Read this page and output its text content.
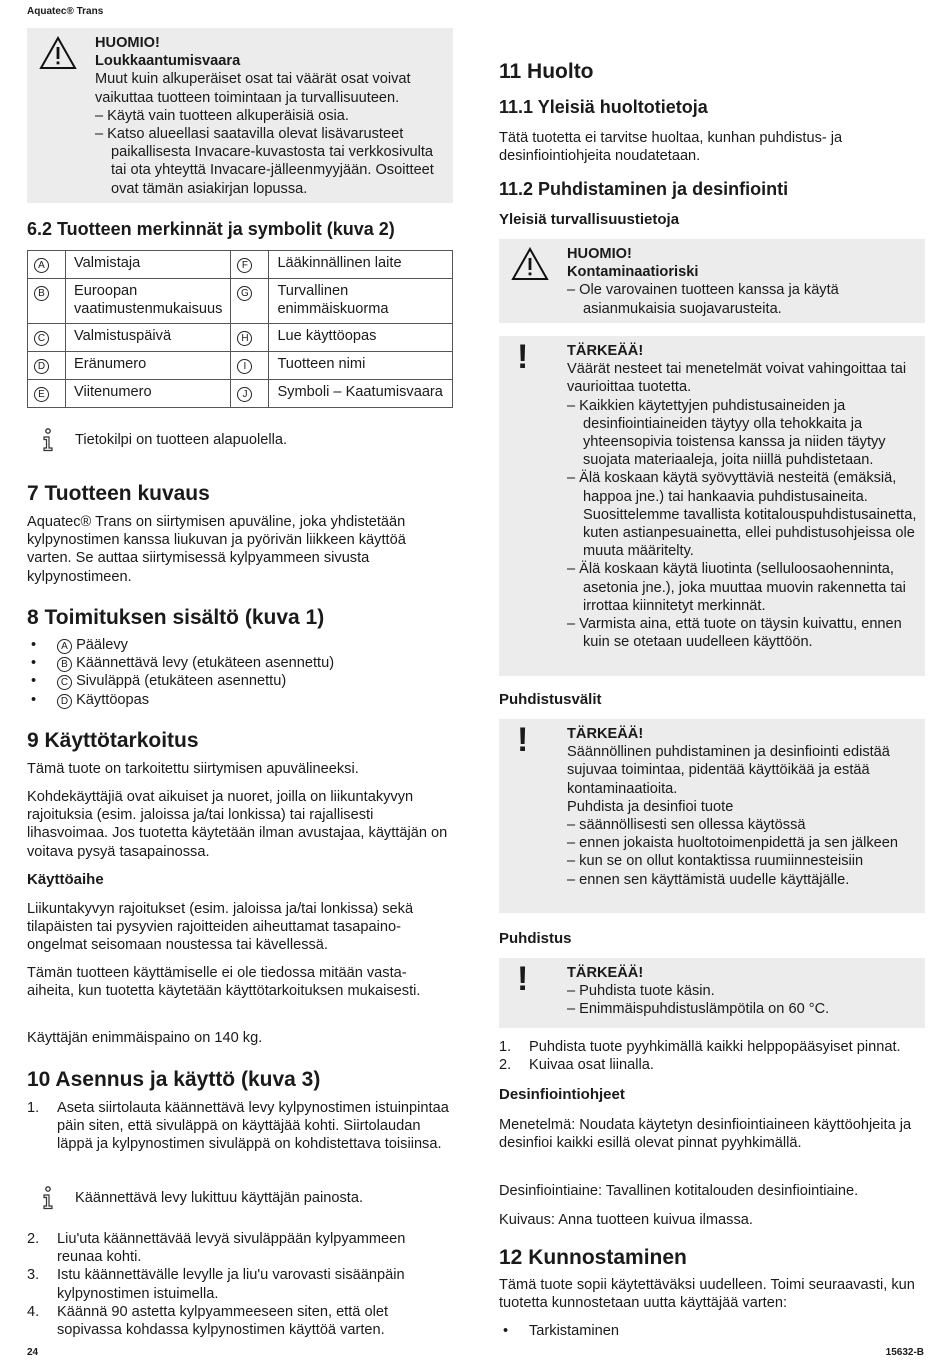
Aquatec® Trans
HUOMIO!
Loukkaantumisvaara
Muut kuin alkuperäiset osat tai väärät osat voivat vaikuttaa tuotteen toimintaan ja turvallisuuteen.
– Käytä vain tuotteen alkuperäisiä osia.
– Katso alueellasi saatavilla olevat lisävarusteet paikallisesta Invacare-kuvastosta tai verkkosivulta tai ota yhteyttä Invacare-jälleenmyyjään. Osoitteet ovat tämän asiakirjan lopussa.
6.2 Tuotteen merkinnät ja symbolit (kuva 2)
A	Valmistaja	F	Lääkinnällinen laite
B	Euroopan vaatimustenmukaisuus	G	Turvallinen enimmäiskuorma
C	Valmistuspäivä	H	Lue käyttöopas
D	Eränumero	I	Tuotteen nimi
E	Viitenumero	J	Symboli – Kaatumisvaara
Tietokilpi on tuotteen alapuolella.
7 Tuotteen kuvaus
Aquatec® Trans on siirtymisen apuväline, joka yhdistetään kylpynostimen kanssa liukuvan ja pyörivän liikkeen käyttöä varten. Se auttaa siirtymisessä kylpyammeen sivusta kylpynostimeen.
8 Toimituksen sisältö (kuva 1)
• A Päälevy
• B Käännettävä levy (etukäteen asennettu)
• C Sivuläppä (etukäteen asennettu)
• D Käyttöopas
9 Käyttötarkoitus
Tämä tuote on tarkoitettu siirtymisen apuvälineeksi.
Kohdekäyttäjiä ovat aikuiset ja nuoret, joilla on liikuntakyvyn rajoituksia (esim. jaloissa ja/tai lonkissa) tai rajallisesti lihasvoimaa. Jos tuotetta käytetään ilman avustajaa, käyttäjän on voitava pysyä tasapainossa.
Käyttöaihe
Liikuntakyvyn rajoitukset (esim. jaloissa ja/tai lonkissa) sekä tilapäisten tai pysyvien rajoitteiden aiheuttamat tasapaino-ongelmat seisomaan noustessa tai kävellessä.
Tämän tuotteen käyttämiselle ei ole tiedossa mitään vasta-aiheita, kun tuotetta käytetään käyttötarkoituksen mukaisesti.
Käyttäjän enimmäispaino on 140 kg.
10 Asennus ja käyttö (kuva 3)
1. Aseta siirtolauta käännettävä levy kylpynostimen istuinpintaa päin siten, että sivuläppä on käyttäjää kohti. Siirtolaudan läppä ja kylpynostimen sivuläppä on kohdistettava toisiinsa.
Käännettävä levy lukittuu käyttäjän painosta.
2. Liu'uta käännettävää levyä sivuläppään kylpyammeen reunaa kohti.
3. Istu käännettävälle levylle ja liu'u varovasti sisäänpäin kylpynostimen istuimella.
4. Käännä 90 astetta kylpyammeeseen siten, että olet sopivassa kohdassa kylpynostimen käyttöä varten.
11 Huolto
11.1 Yleisiä huoltotietoja
Tätä tuotetta ei tarvitse huoltaa, kunhan puhdistus- ja desinfiointiohjeita noudatetaan.
11.2 Puhdistaminen ja desinfiointi
Yleisiä turvallisuustietoja
HUOMIO!
Kontaminaatioriski
– Ole varovainen tuotteen kanssa ja käytä asianmukaisia suojavarusteita.
!	TÄRKEÄÄ!
Väärät nesteet tai menetelmät voivat vahingoittaa tai vaurioittaa tuotetta.
– Kaikkien käytettyjen puhdistusaineiden ja desinfiointiaineiden täytyy olla tehokkaita ja yhteensopivia toistensa kanssa ja niiden täytyy suojata materiaaleja, joita niillä puhdistetaan.
– Älä koskaan käytä syövyttäviä nesteitä (emäksiä, happoa jne.) tai hankaavia puhdistusaineita. Suosittelemme tavallista kotitalouspuhdistusainetta, kuten astianpesuainetta, ellei puhdistusohjeissa ole muuta määritelty.
– Älä koskaan käytä liuotinta (selluloosaohenninta, asetonia jne.), joka muuttaa muovin rakennetta tai irrottaa kiinnitetyt merkinnät.
– Varmista aina, että tuote on täysin kuivattu, ennen kuin se otetaan uudelleen käyttöön.
Puhdistusvälit
!	TÄRKEÄÄ!
Säännöllinen puhdistaminen ja desinfiointi edistää sujuvaa toimintaa, pidentää käyttöikää ja estää kontaminaatioita.
Puhdista ja desinfioi tuote
– säännöllisesti sen ollessa käytössä
– ennen jokaista huoltotoimenpidettä ja sen jälkeen
– kun se on ollut kontaktissa ruumiinnesteisiin
– ennen sen käyttämistä uudelle käyttäjälle.
Puhdistus
!	TÄRKEÄÄ!
– Puhdista tuote käsin.
– Enimmäispuhdistuslämpötila on 60 °C.
1. Puhdista tuote pyyhkimällä kaikki helppopääsyiset pinnat.
2. Kuivaa osat liinalla.
Desinfiointiohjeet
Menetelmä: Noudata käytetyn desinfiointiaineen käyttöohjeita ja desinfioi kaikki esillä olevat pinnat pyyhkimällä.
Desinfiointiaine: Tavallinen kotitalouden desinfiointiaine.
Kuivaus: Anna tuotteen kuivua ilmassa.
12 Kunnostaminen
Tämä tuote sopii käytettäväksi uudelleen. Toimi seuraavasti, kun tuotetta kunnostetaan uutta käyttäjää varten:
• Tarkistaminen
24	15632-B
